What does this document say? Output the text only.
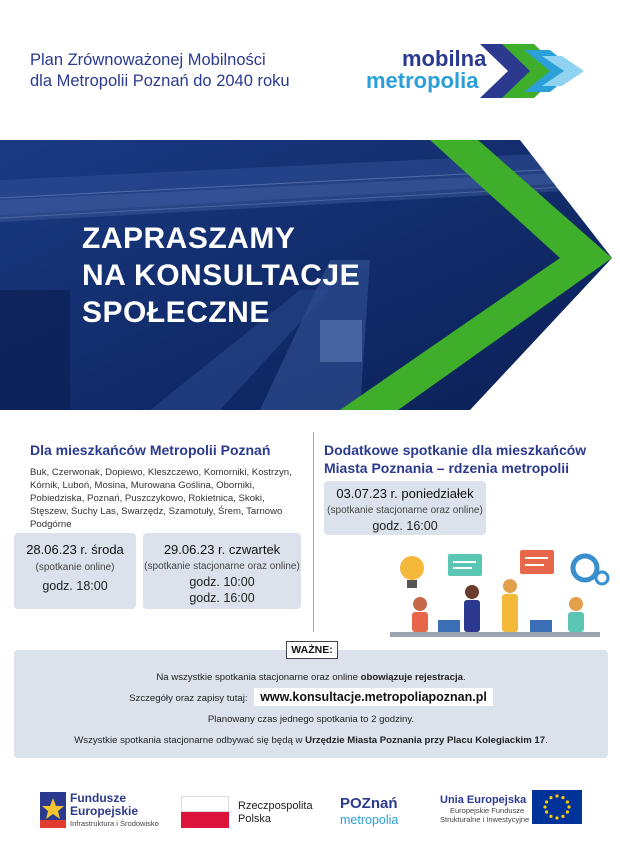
Plan Zrównoważonej Mobilności
dla Metropolii Poznań do 2040 roku
mobilna
metropolia
ZAPRASZAMY
NA KONSULTACJE
SPOŁECZNE
Dla mieszkańców Metropolii Poznań
Buk, Czerwonak, Dopiewo, Kleszczewo, Komorniki, Kostrzyn, Kórnik, Luboń, Mosina, Murowana Goślina, Oborniki, Pobiedziska, Poznań, Puszczykowo, Rokietnica, Skoki, Stęszew, Suchy Las, Swarzędz, Szamotuły, Śrem, Tarnowo Podgórne
28.06.23 r. środa
(spotkanie online)
godz. 18:00
29.06.23 r. czwartek
(spotkanie stacjonarne oraz online)
godz. 10:00
godz. 16:00
Dodatkowe spotkanie dla mieszkańców
Miasta Poznania – rdzenia metropolii
03.07.23 r. poniedziałek
(spotkanie stacjonarne oraz online)
godz. 16:00
Na wszystkie spotkania stacjonarne oraz online obowiązuje rejestracja.
Szczegóły oraz zapisy tutaj: www.konsultacje.metropoliapoznan.pl
Planowany czas jednego spotkania to 2 godziny.
Wszystkie spotkania stacjonarne odbywać się będą w Urzędzie Miasta Poznania przy Placu Kolegiackim 17.
WAŻNE:
Fundusze
Europejskie
Infrastruktura i Środowisko
Rzeczpospolita
Polska
POZnań
metropolia
Unia Europejska
Europejskie Fundusze
Strukturalne i Inwestycyjne
